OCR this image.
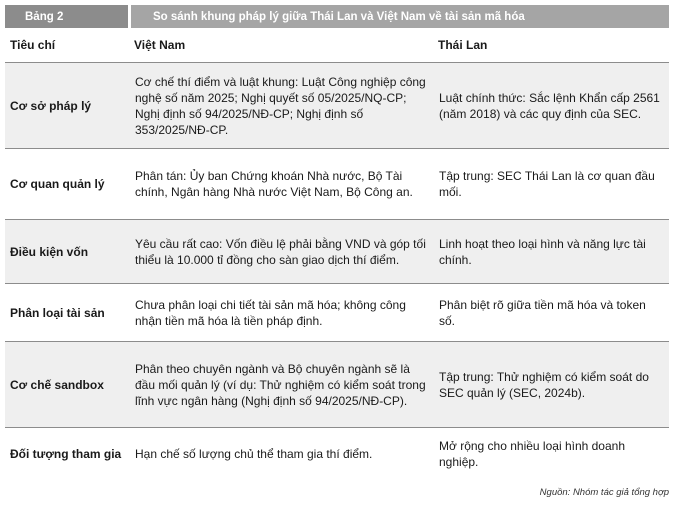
Bảng 2	So sánh khung pháp lý giữa Thái Lan và Việt Nam về tài sản mã hóa
Tiêu chí	Việt Nam	Thái Lan
Cơ sở pháp lý	Cơ chế thí điểm và luật khung: Luật Công nghiệp công nghệ số năm 2025; Nghị quyết số 05/2025/NQ-CP; Nghị định số 94/2025/NĐ-CP; Nghị định số 353/2025/NĐ-CP.	Luật chính thức: Sắc lệnh Khẩn cấp 2561 (năm 2018) và các quy định của SEC.
Cơ quan quản lý	Phân tán: Ủy ban Chứng khoán Nhà nước, Bộ Tài chính, Ngân hàng Nhà nước Việt Nam, Bộ Công an.	Tập trung: SEC Thái Lan là cơ quan đầu mối.
Điều kiện vốn	Yêu cầu rất cao: Vốn điều lệ phải bằng VND và góp tối thiểu là 10.000 tỉ đồng cho sàn giao dịch thí điểm.	Linh hoạt theo loại hình và năng lực tài chính.
Phân loại tài sản	Chưa phân loại chi tiết tài sản mã hóa; không công nhận tiền mã hóa là tiền pháp định.	Phân biệt rõ giữa tiền mã hóa và token số.
Cơ chế sandbox	Phân theo chuyên ngành và Bộ chuyên ngành sẽ là đầu mối quản lý (ví dụ: Thử nghiệm có kiểm soát trong lĩnh vực ngân hàng (Nghị định số 94/2025/NĐ-CP).	Tập trung: Thử nghiệm có kiểm soát do SEC quản lý (SEC, 2024b).
Đối tượng tham gia	Hạn chế số lượng chủ thể tham gia thí điểm.	Mở rộng cho nhiều loại hình doanh nghiệp.
Nguồn: Nhóm tác giả tổng hợp
